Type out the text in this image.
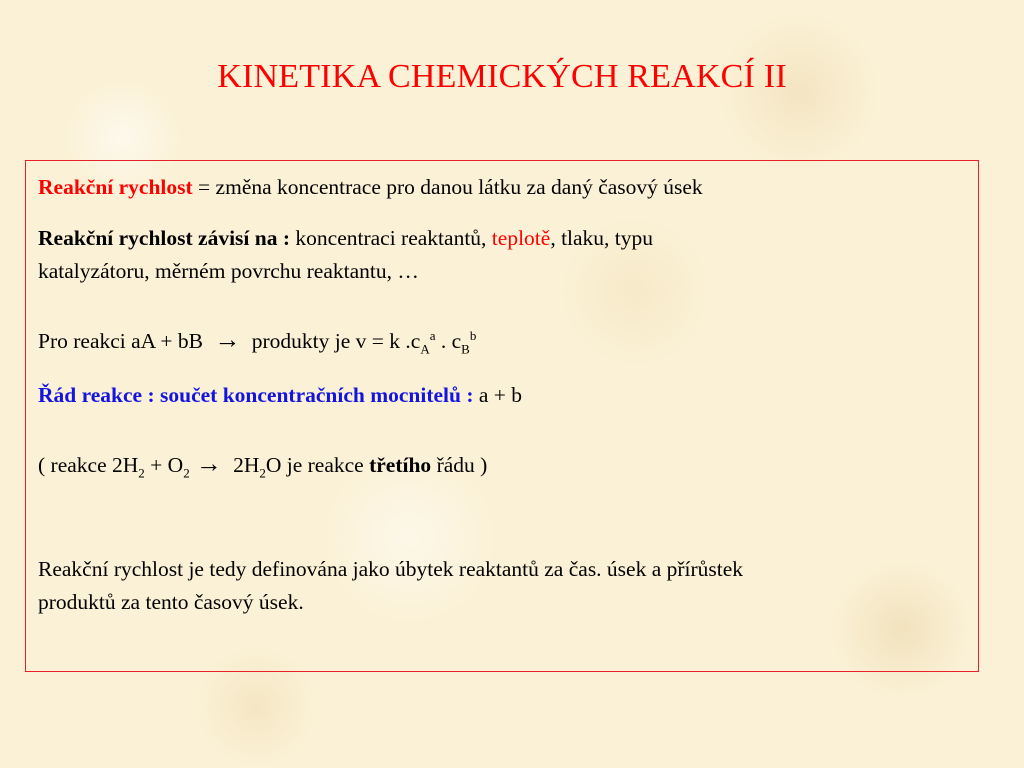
KINETIKA CHEMICKÝCH REAKCÍ II
Reakční rychlost = změna koncentrace pro danou látku za daný časový úsek
Reakční rychlost závisí na : koncentraci reaktantů, teplotě, tlaku, typu
katalyzátoru, měrném povrchu reaktantu, …
Pro reakci aA + bB → produkty je v = k $.c_A^a$ . $c_B^b$
Řád reakce : součet koncentračních mocnitelů : a + b
( reakce $2H_2 + O_2 \to 2H_2O$ je reakce třetího řádu )
Reakční rychlost je tedy definována jako úbytek reaktantů za čas. úsek a přírůstek
produktů za tento časový úsek.
